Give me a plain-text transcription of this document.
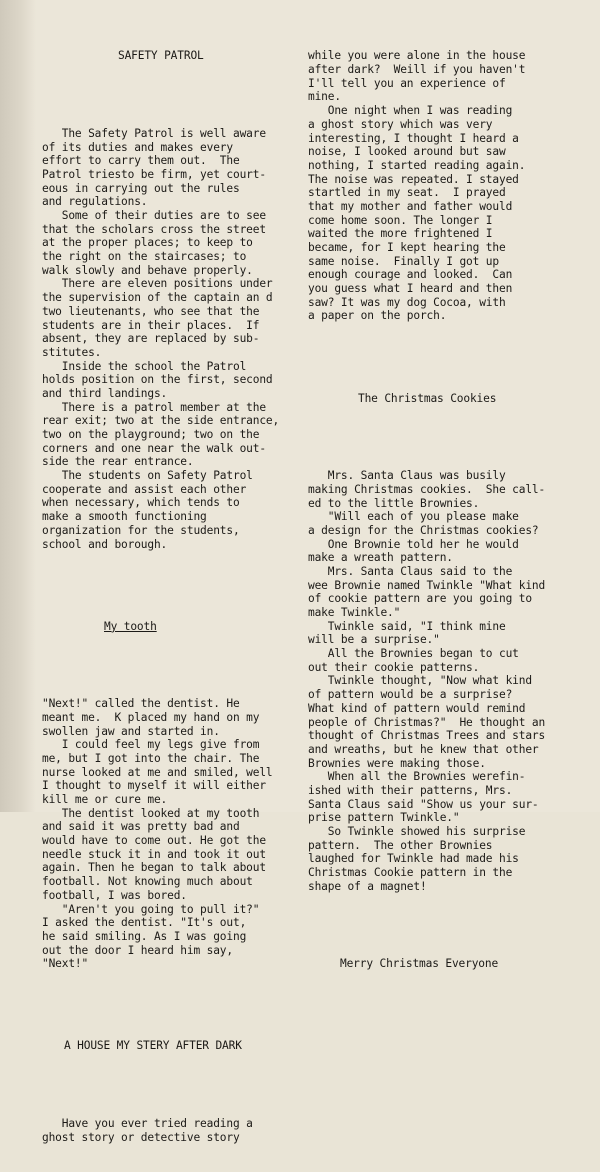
SAFETY PATROL

The Safety Patrol is well aware
of its duties and makes every
effort to carry them out.  The
Patrol triesto be firm, yet court-
eous in carrying out the rules
and regulations.
Some of their duties are to see
that the scholars cross the street
at the proper places; to keep to
the right on the staircases; to
walk slowly and behave properly.
There are eleven positions under
the supervision of the captain an d
two lieutenants, who see that the
students are in their places.  If
absent, they are replaced by sub-
stitutes.
Inside the school the Patrol
holds position on the first, second
and third landings.
There is a patrol member at the
rear exit; two at the side entrance,
two on the playground; two on the
corners and one near the walk out-
side the rear entrance.
The students on Safety Patrol
cooperate and assist each other
when necessary, which tends to
make a smooth functioning
organization for the students,
school and borough.

My tooth

"Next!" called the dentist. He
meant me.  K placed my hand on my
swollen jaw and started in.
I could feel my legs give from
me, but I got into the chair. The
nurse looked at me and smiled, well
I thought to myself it will either
kill me or cure me.
The dentist looked at my tooth
and said it was pretty bad and
would have to come out. He got the
needle stuck it in and took it out
again. Then he began to talk about
football. Not knowing much about
football, I was bored.
"Aren't you going to pull it?"
I asked the dentist. "It's out,
he said smiling. As I was going
out the door I heard him say,
"Next!"

A HOUSE MY STERY AFTER DARK

Have you ever tried reading a
ghost story or detective story

while you were alone in the house
after dark?  Weill if you haven't
I'll tell you an experience of
mine.
One night when I was reading
a ghost story which was very
interesting, I thought I heard a
noise, I looked around but saw
nothing, I started reading again.
The noise was repeated. I stayed
startled in my seat.  I prayed
that my mother and father would
come home soon. The longer I
waited the more frightened I
became, for I kept hearing the
same noise.  Finally I got up
enough courage and looked.  Can
you guess what I heard and then
saw? It was my dog Cocoa, with
a paper on the porch.

The Christmas Cookies

Mrs. Santa Claus was busily
making Christmas cookies.  She call-
ed to the little Brownies.
"Will each of you please make
a design for the Christmas cookies?
One Brownie told her he would
make a wreath pattern.
Mrs. Santa Claus said to the
wee Brownie named Twinkle "What kind
of cookie pattern are you going to
make Twinkle."
Twinkle said, "I think mine
will be a surprise."
All the Brownies began to cut
out their cookie patterns.
Twinkle thought, "Now what kind
of pattern would be a surprise?
What kind of pattern would remind
people of Christmas?"  He thought an
thought of Christmas Trees and stars
and wreaths, but he knew that other
Brownies were making those.
When all the Brownies werefin-
ished with their patterns, Mrs.
Santa Claus said "Show us your sur-
prise pattern Twinkle."
So Twinkle showed his surprise
pattern.  The other Brownies
laughed for Twinkle had made his
Christmas Cookie pattern in the
shape of a magnet!

Merry Christmas Everyone
